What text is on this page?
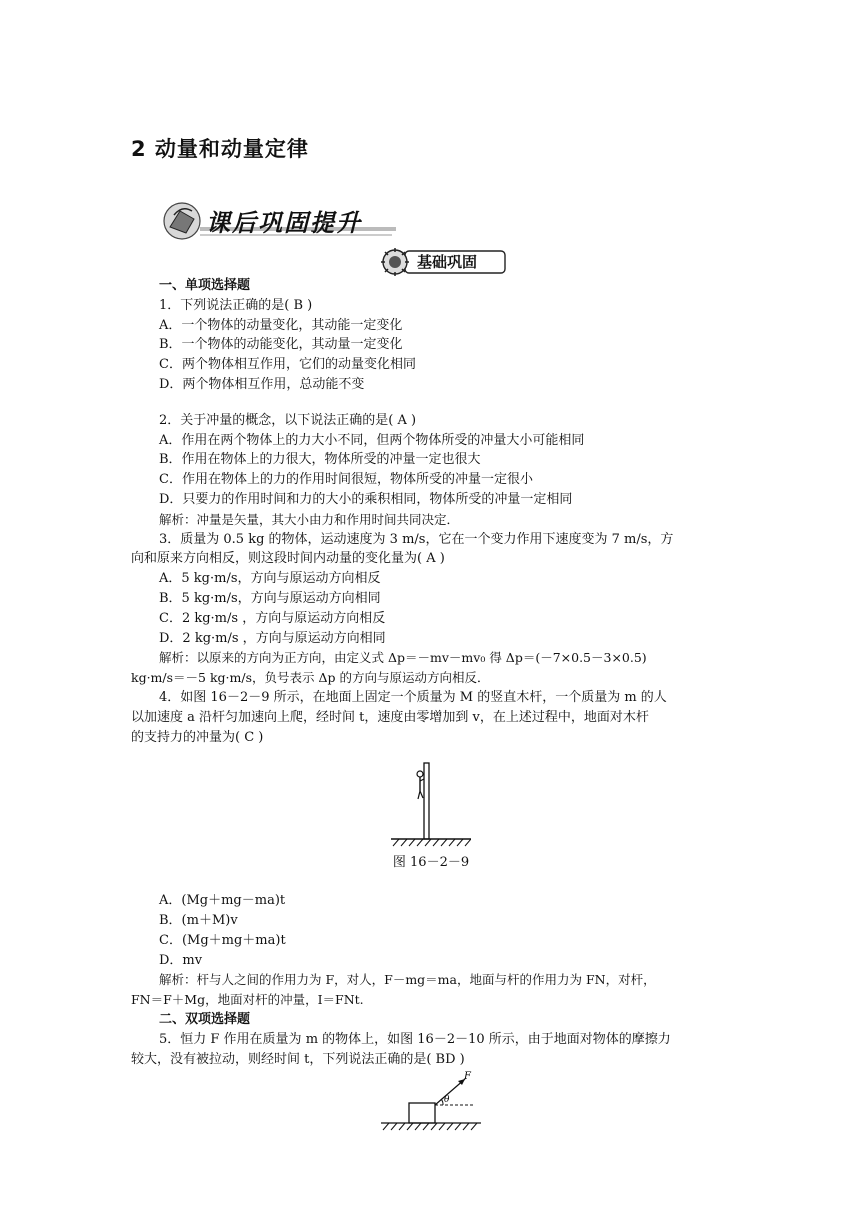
2 动量和动量定律
课后巩固提升
基础巩固
一、单项选择题
1．下列说法正确的是( B )
A．一个物体的动量变化，其动能一定变化
B．一个物体的动能变化，其动量一定变化
C．两个物体相互作用，它们的动量变化相同
D．两个物体相互作用，总动能不变
2．关于冲量的概念，以下说法正确的是( A )
A．作用在两个物体上的力大小不同，但两个物体所受的冲量大小可能相同
B．作用在物体上的力很大，物体所受的冲量一定也很大
C．作用在物体上的力的作用时间很短，物体所受的冲量一定很小
D．只要力的作用时间和力的大小的乘积相同，物体所受的冲量一定相同
解析：冲量是矢量，其大小由力和作用时间共同决定．
3．质量为 0.5 kg 的物体，运动速度为 3 m/s，它在一个变力作用下速度变为 7 m/s，方
向和原来方向相反，则这段时间内动量的变化量为( A )
A．5 kg·m/s，方向与原运动方向相反
B．5 kg·m/s，方向与原运动方向相同
C．2 kg·m/s ，方向与原运动方向相反
D．2 kg·m/s ，方向与原运动方向相同
解析：以原来的方向为正方向，由定义式 Δp＝－mv－mv₀ 得 Δp＝(－7×0.5－3×0.5)
kg·m/s＝－5 kg·m/s，负号表示 Δp 的方向与原运动方向相反．
4．如图 16－2－9 所示，在地面上固定一个质量为 M 的竖直木杆，一个质量为 m 的人
以加速度 a 沿杆匀加速向上爬，经时间 t，速度由零增加到 v，在上述过程中，地面对木杆
的支持力的冲量为( C )
图 16－2－9
A．(Mg＋mg－ma)t
B．(m＋M)v
C．(Mg＋mg＋ma)t
D．mv
解析：杆与人之间的作用力为 F，对人，F－mg＝ma，地面与杆的作用力为 FN，对杆，
FN＝F＋Mg，地面对杆的冲量，I＝FNt.
二、双项选择题
5．恒力 F 作用在质量为 m 的物体上，如图 16－2－10 所示，由于地面对物体的摩擦力
较大，没有被拉动，则经时间 t，下列说法正确的是( BD )
F
θ
